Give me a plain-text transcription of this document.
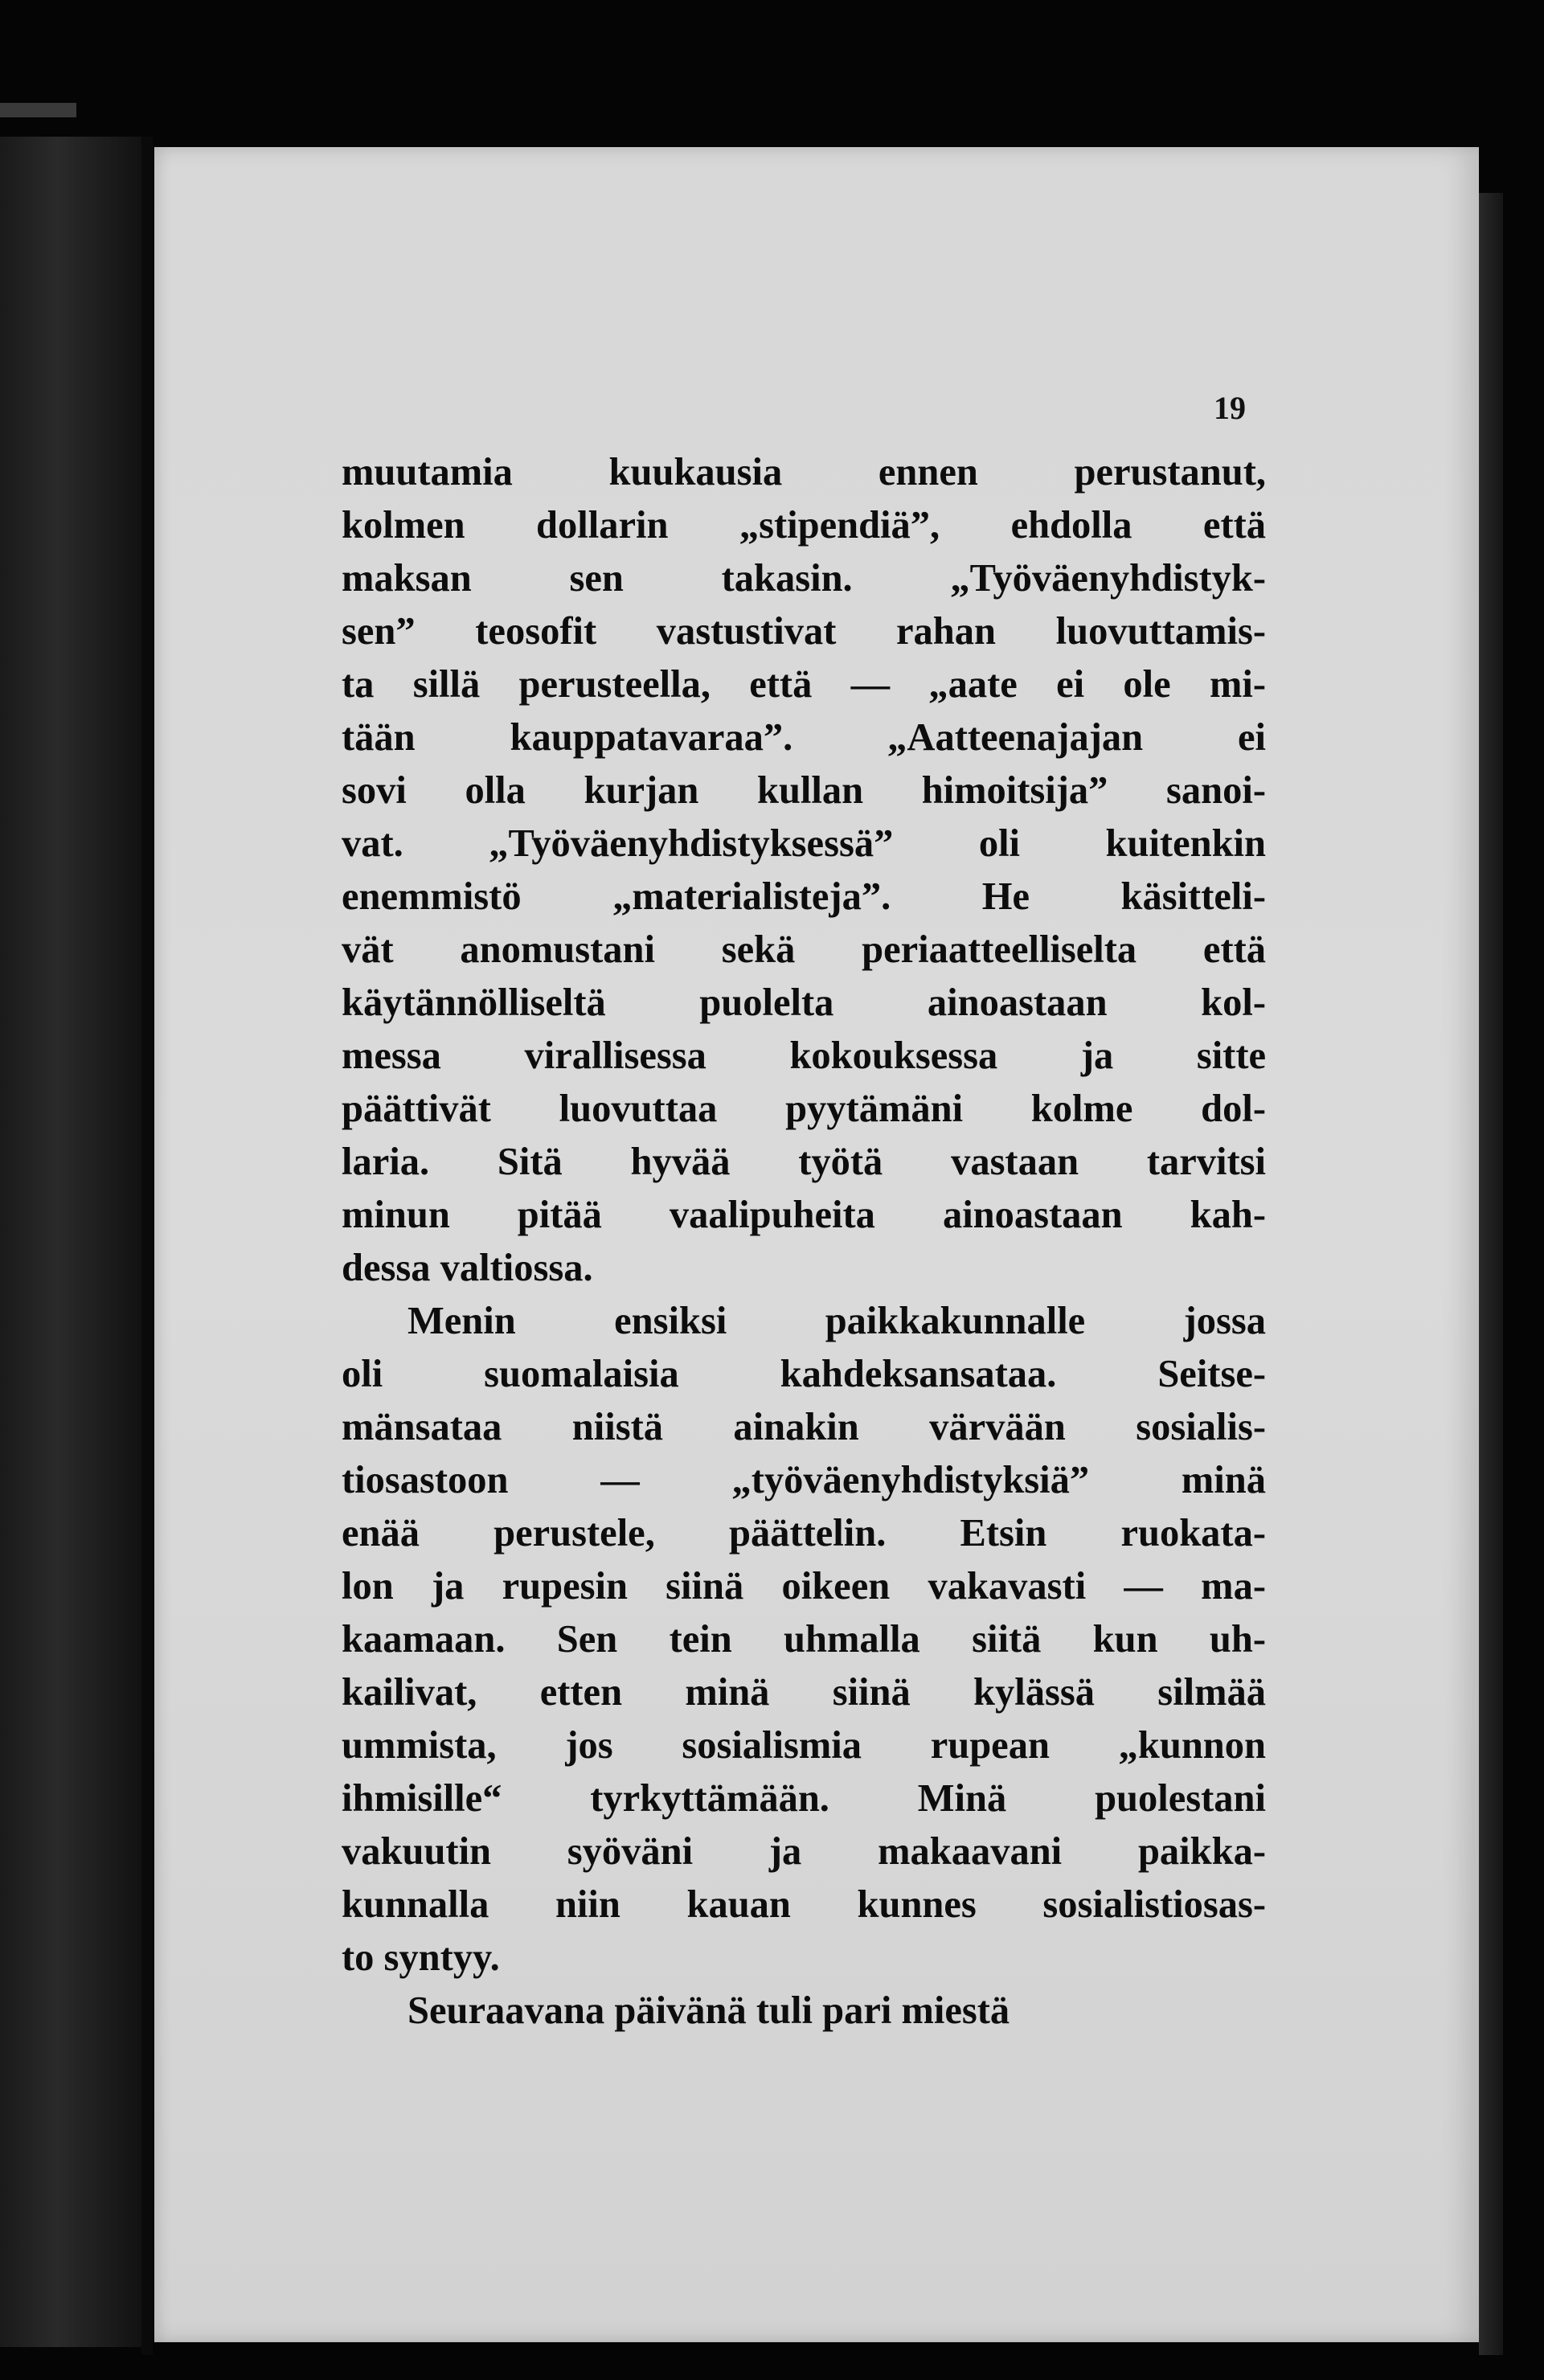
19
muutamia kuukausia ennen perustanut,
kolmen dollarin „stipendiä”, ehdolla että
maksan sen takasin. „Työväenyhdistyk-
sen” teosofit vastustivat rahan luovuttamis-
ta sillä perusteella, että — „aate ei ole mi-
tään kauppatavaraa”. „Aatteenajajan ei
sovi olla kurjan kullan himoitsija” sanoi-
vat. „Työväenyhdistyksessä” oli kuitenkin
enemmistö „materialisteja”. He käsitteli-
vät anomustani sekä periaatteelliselta että
käytännölliseltä puolelta ainoastaan kol-
messa virallisessa kokouksessa ja sitte
päättivät luovuttaa pyytämäni kolme dol-
laria. Sitä hyvää työtä vastaan tarvitsi
minun pitää vaalipuheita ainoastaan kah-
dessa valtiossa.
Menin ensiksi paikkakunnalle jossa
oli suomalaisia kahdeksansataa. Seitse-
mänsataa niistä ainakin värvään sosialis-
tiosastoon — „työväenyhdistyksiä” minä
enää perustele, päättelin. Etsin ruokata-
lon ja rupesin siinä oikeen vakavasti — ma-
kaamaan. Sen tein uhmalla siitä kun uh-
kailivat, etten minä siinä kylässä silmää
ummista, jos sosialismia rupean „kunnon
ihmisille“ tyrkyttämään. Minä puolestani
vakuutin syöväni ja makaavani paikka-
kunnalla niin kauan kunnes sosialistiosas-
to syntyy.
Seuraavana päivänä tuli pari miestä
